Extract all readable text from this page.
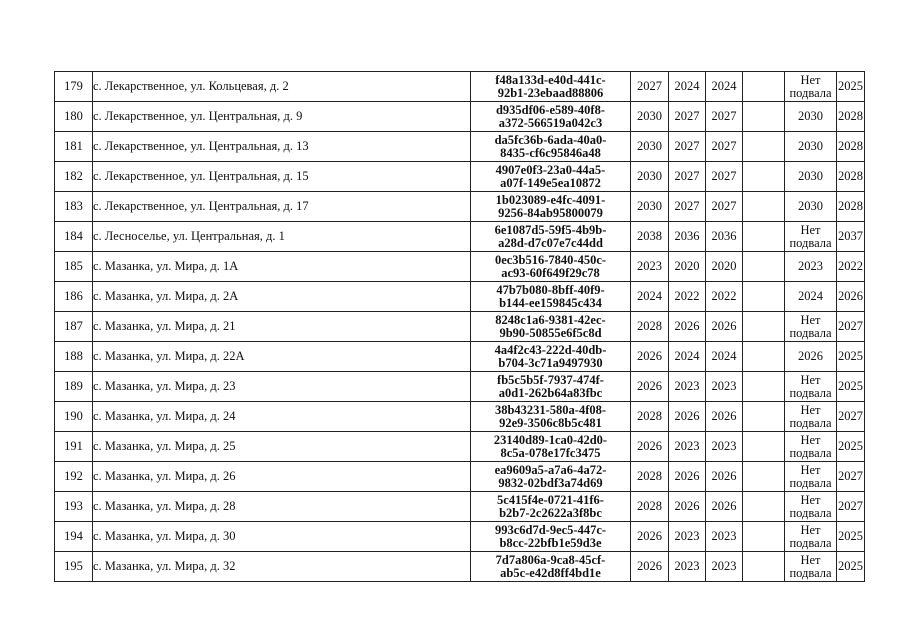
179	с. Лекарственное, ул. Кольцевая, д. 2	f48a133d-e40d-441c-
92b1-23ebaad88806	2027	2024	2024		Нет
подвала	2025
180	с. Лекарственное, ул. Центральная, д. 9	d935df06-e589-40f8-
a372-566519a042c3	2030	2027	2027		2030	2028
181	с. Лекарственное, ул. Центральная, д. 13	da5fc36b-6ada-40a0-
8435-cf6c95846a48	2030	2027	2027		2030	2028
182	с. Лекарственное, ул. Центральная, д. 15	4907e0f3-23a0-44a5-
a07f-149e5ea10872	2030	2027	2027		2030	2028
183	с. Лекарственное, ул. Центральная, д. 17	1b023089-e4fc-4091-
9256-84ab95800079	2030	2027	2027		2030	2028
184	с. Лесноселье, ул. Центральная, д. 1	6e1087d5-59f5-4b9b-
a28d-d7c07e7c44dd	2038	2036	2036		Нет
подвала	2037
185	с. Мазанка, ул. Мира, д. 1А	0ec3b516-7840-450c-
ac93-60f649f29c78	2023	2020	2020		2023	2022
186	с. Мазанка, ул. Мира, д. 2А	47b7b080-8bff-40f9-
b144-ee159845c434	2024	2022	2022		2024	2026
187	с. Мазанка, ул. Мира, д. 21	8248c1a6-9381-42ec-
9b90-50855e6f5c8d	2028	2026	2026		Нет
подвала	2027
188	с. Мазанка, ул. Мира, д. 22А	4a4f2c43-222d-40db-
b704-3c71a9497930	2026	2024	2024		2026	2025
189	с. Мазанка, ул. Мира, д. 23	fb5c5b5f-7937-474f-
a0d1-262b64a83fbc	2026	2023	2023		Нет
подвала	2025
190	с. Мазанка, ул. Мира, д. 24	38b43231-580a-4f08-
92e9-3506c8b5c481	2028	2026	2026		Нет
подвала	2027
191	с. Мазанка, ул. Мира, д. 25	23140d89-1ca0-42d0-
8c5a-078e17fc3475	2026	2023	2023		Нет
подвала	2025
192	с. Мазанка, ул. Мира, д. 26	ea9609a5-a7a6-4a72-
9832-02bdf3a74d69	2028	2026	2026		Нет
подвала	2027
193	с. Мазанка, ул. Мира, д. 28	5c415f4e-0721-41f6-
b2b7-2c2622a3f8bc	2028	2026	2026		Нет
подвала	2027
194	с. Мазанка, ул. Мира, д. 30	993c6d7d-9ec5-447c-
b8cc-22bfb1e59d3e	2026	2023	2023		Нет
подвала	2025
195	с. Мазанка, ул. Мира, д. 32	7d7a806a-9ca8-45cf-
ab5c-e42d8ff4bd1e	2026	2023	2023		Нет
подвала	2025
